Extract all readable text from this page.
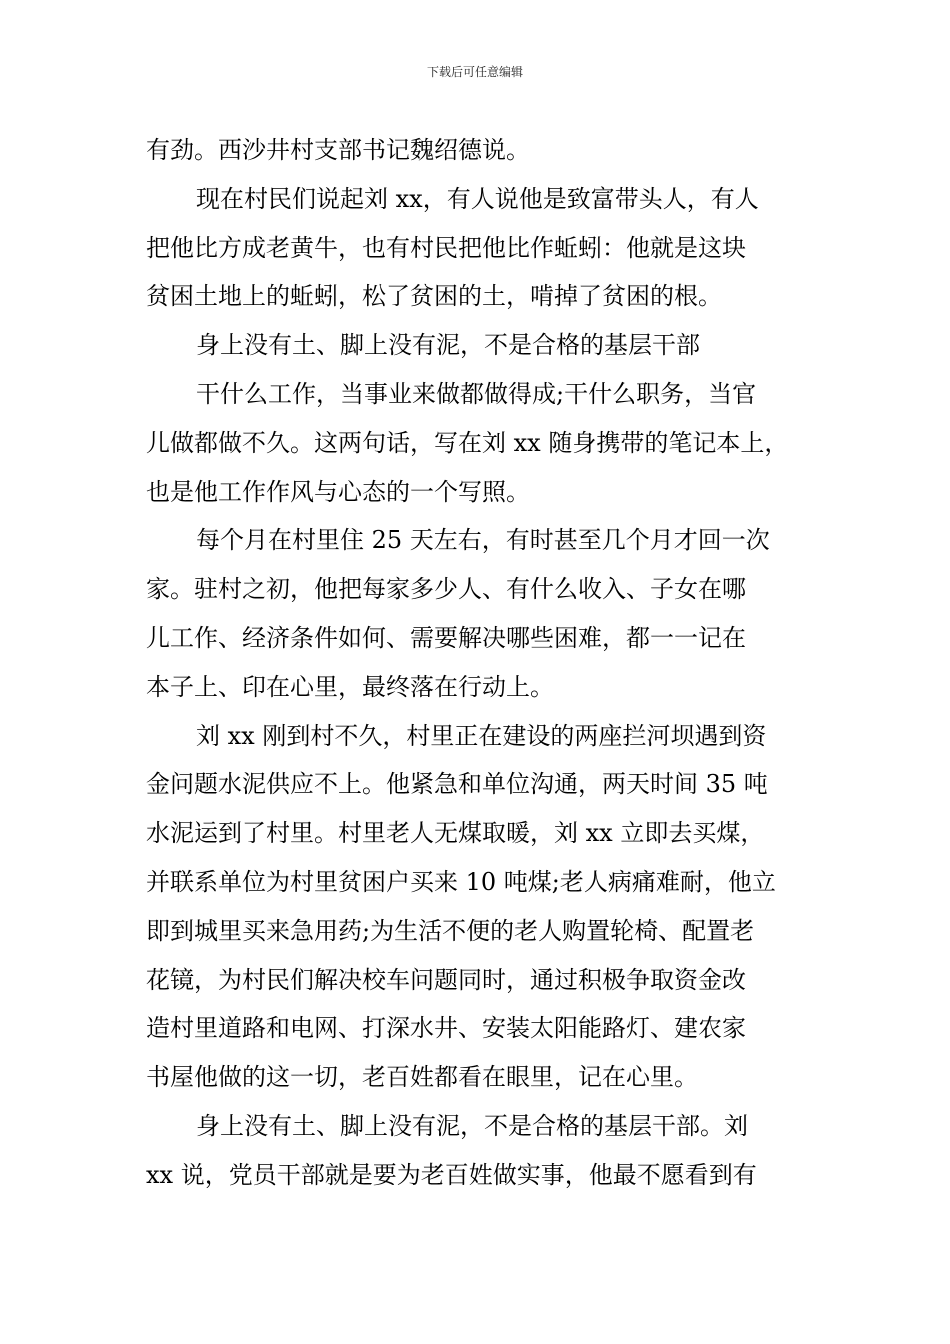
下载后可任意编辑
有劲。西沙井村支部书记魏绍德说。
现在村民们说起刘 xx，有人说他是致富带头人，有人
把他比方成老黄牛，也有村民把他比作蚯蚓：他就是这块
贫困土地上的蚯蚓，松了贫困的土，啃掉了贫困的根。
身上没有土、脚上没有泥，不是合格的基层干部
干什么工作，当事业来做都做得成;干什么职务，当官
儿做都做不久。这两句话，写在刘 xx 随身携带的笔记本上，
也是他工作作风与心态的一个写照。
每个月在村里住 25 天左右，有时甚至几个月才回一次
家。驻村之初，他把每家多少人、有什么收入、子女在哪
儿工作、经济条件如何、需要解决哪些困难，都一一记在
本子上、印在心里，最终落在行动上。
刘 xx 刚到村不久，村里正在建设的两座拦河坝遇到资
金问题水泥供应不上。他紧急和单位沟通，两天时间 35 吨
水泥运到了村里。村里老人无煤取暖，刘 xx 立即去买煤，
并联系单位为村里贫困户买来 10 吨煤;老人病痛难耐，他立
即到城里买来急用药;为生活不便的老人购置轮椅、配置老
花镜，为村民们解决校车问题同时，通过积极争取资金改
造村里道路和电网、打深水井、安装太阳能路灯、建农家
书屋他做的这一切，老百姓都看在眼里，记在心里。
身上没有土、脚上没有泥，不是合格的基层干部。刘
xx 说，党员干部就是要为老百姓做实事，他最不愿看到有
